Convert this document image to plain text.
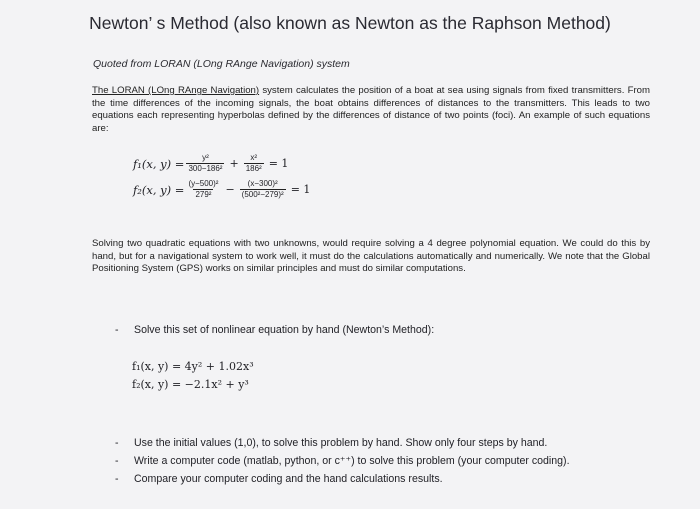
Newton’ s Method (also known as Newton as the Raphson Method)
Quoted from LORAN (LOng RAnge Navigation) system
The LORAN (LOng RAnge Navigation) system calculates the position of a boat at sea using signals from fixed transmitters. From the time differences of the incoming signals, the boat obtains differences of distances to the transmitters. This leads to two equations each representing hyperbolas defined by the differences of distance of two points (foci). An example of such equations are:
f₁(x, $y) = \frac{\text{y²}}{\text{300−186²}} + \frac{\text{x²}}{\text{186²}} = 1$
f₂(x, $y) = \frac{\text{(y−500)²}}{\text{279²}} - \frac{\text{(x−300)²}}{\text{(500²−279)²}} = 1$
Solving two quadratic equations with two unknowns, would require solving a 4 degree polynomial equation. We could do this by hand, but for a navigational system to work well, it must do the calculations automatically and numerically. We note that the Global Positioning System (GPS) works on similar principles and must do similar computations.
-	Solve this set of nonlinear equation by hand (Newton’s Method):
f₁(x, y) = 4y² + 1.02x³
f₂(x, y) = −2.1x² + y³
-	Use the initial values (1,0), to solve this problem by hand. Show only four steps by hand.
-	Write a computer code (matlab, python, or c⁺⁺) to solve this problem (your computer coding).
-	Compare your computer coding and the hand calculations results.
